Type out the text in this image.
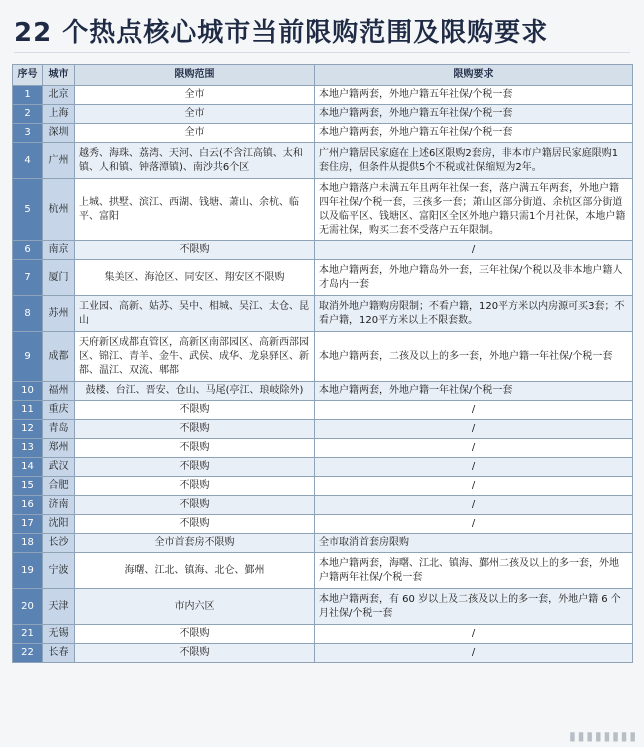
22 个热点核心城市当前限购范围及限购要求
序号	城市	限购范围	限购要求
1	北京	全市	本地户籍两套，外地户籍五年社保/个税一套
2	上海	全市	本地户籍两套，外地户籍五年社保/个税一套
3	深圳	全市	本地户籍两套，外地户籍五年社保/个税一套
4	广州	越秀、海珠、荔湾、天河、白云(不含江高镇、太和镇、人和镇、钟落潭镇)、南沙共6个区	广州户籍居民家庭在上述6区限购2套房，非本市户籍居民家庭限购1套住房，但条件从提供5个不税或社保缩短为2年。
5	杭州	上城、拱墅、滨江、西湖、钱塘、萧山、余杭、临平、富阳	本地户籍落户未满五年且两年社保一套，落户满五年两套，外地户籍四年社保/个税一套，三孩多一套；萧山区部分街道、余杭区部分街道以及临平区、钱塘区、富阳区全区外地户籍只需1个月社保，本地户籍无需社保，购买二套不受落户五年限制。
6	南京	不限购	/
7	厦门	集美区、海沧区、同安区、翔安区不限购	本地户籍两套，外地户籍岛外一套，三年社保/个税以及非本地户籍人才岛内一套
8	苏州	工业园、高新、姑苏、吴中、相城、吴江、太仓、昆山	取消外地户籍购房限制；不看户籍，120平方米以内房源可买3套；不看户籍，120平方米以上不限套数。
9	成都	天府新区成都直管区，高新区南部园区、高新西部园区、锦江、青羊、金牛、武侯、成华、龙泉驿区、新都、温江、双流、郫都	本地户籍两套，二孩及以上的多一套，外地户籍一年社保/个税一套
10	福州	鼓楼、台江、晋安、仓山、马尾(亭江、琅岐除外)	本地户籍两套，外地户籍一年社保/个税一套
11	重庆	不限购	/
12	青岛	不限购	/
13	郑州	不限购	/
14	武汉	不限购	/
15	合肥	不限购	/
16	济南	不限购	/
17	沈阳	不限购	/
18	长沙	全市首套房不限购	全市取消首套房限购
19	宁波	海曙、江北、镇海、北仑、鄞州	本地户籍两套，海曙、江北、镇海、鄞州二孩及以上的多一套，外地户籍两年社保/个税一套
20	天津	市内六区	本地户籍两套，有 60 岁以上及二孩及以上的多一套，外地户籍 6 个月社保/个税一套
21	无锡	不限购	/
22	长春	不限购	/
▮▮▮▮▮▮▮▮
